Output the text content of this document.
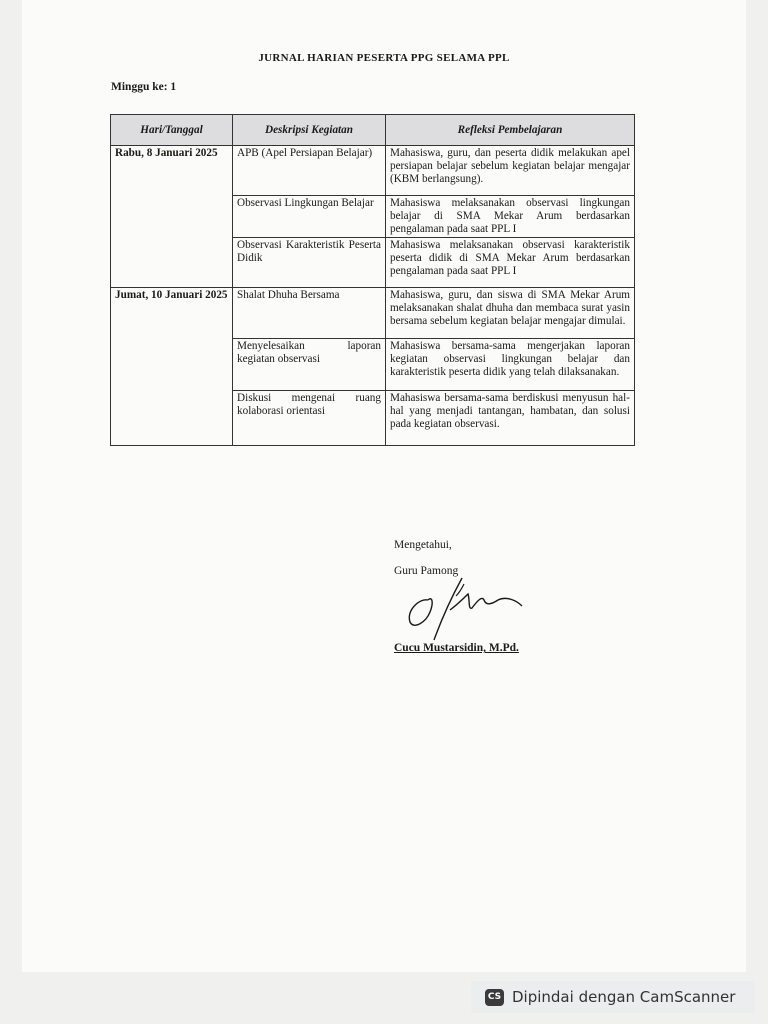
JURNAL HARIAN PESERTA PPG SELAMA PPL
Minggu ke: 1
Hari/Tanggal	Deskripsi Kegiatan	Refleksi Pembelajaran
Rabu, 8 Januari 2025	APB (Apel Persiapan Belajar)	Mahasiswa, guru, dan peserta didik melakukan apel persiapan belajar sebelum kegiatan belajar mengajar (KBM berlangsung).
	Observasi Lingkungan Belajar	Mahasiswa melaksanakan observasi lingkungan belajar di SMA Mekar Arum berdasarkan pengalaman pada saat PPL I
	Observasi Karakteristik Peserta Didik	Mahasiswa melaksanakan observasi karakteristik peserta didik di SMA Mekar Arum berdasarkan pengalaman pada saat PPL I
Jumat, 10 Januari 2025	Shalat Dhuha Bersama	Mahasiswa, guru, dan siswa di SMA Mekar Arum melaksanakan shalat dhuha dan membaca surat yasin bersama sebelum kegiatan belajar mengajar dimulai.
	Menyelesaikan laporan kegiatan observasi	Mahasiswa bersama-sama mengerjakan laporan kegiatan observasi lingkungan belajar dan karakteristik peserta didik yang telah dilaksanakan.
	Diskusi mengenai ruang kolaborasi orientasi	Mahasiswa bersama-sama berdiskusi menyusun hal-hal yang menjadi tantangan, hambatan, dan solusi pada kegiatan observasi.
Mengetahui,
Guru Pamong
Cucu Mustarsidin, M.Pd.
CS Dipindai dengan CamScanner
